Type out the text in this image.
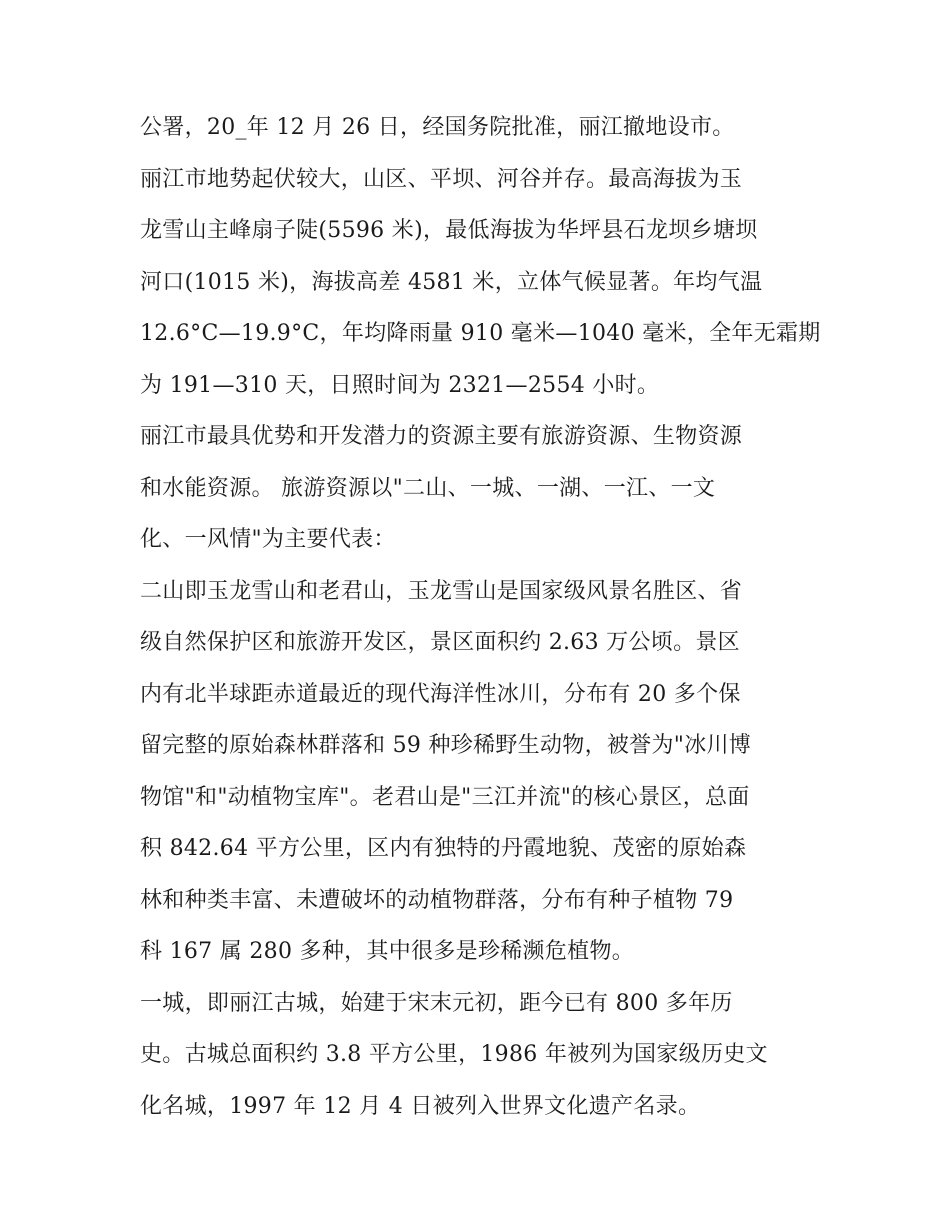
公署，20_年 12 月 26 日，经国务院批准，丽江撤地设市。
丽江市地势起伏较大，山区、平坝、河谷并存。最高海拔为玉
龙雪山主峰扇子陡(5596 米)，最低海拔为华坪县石龙坝乡塘坝
河口(1015 米)，海拔高差 4581 米，立体气候显著。年均气温
12.6°C—19.9°C，年均降雨量 910 毫米—1040 毫米，全年无霜期
为 191—310 天，日照时间为 2321—2554 小时。
丽江市最具优势和开发潜力的资源主要有旅游资源、生物资源
和水能资源。 旅游资源以"二山、一城、一湖、一江、一文
化、一风情"为主要代表：
二山即玉龙雪山和老君山，玉龙雪山是国家级风景名胜区、省
级自然保护区和旅游开发区，景区面积约 2.63 万公顷。景区
内有北半球距赤道最近的现代海洋性冰川，分布有 20 多个保
留完整的原始森林群落和 59 种珍稀野生动物，被誉为"冰川博
物馆"和"动植物宝库"。老君山是"三江并流"的核心景区，总面
积 842.64 平方公里，区内有独特的丹霞地貌、茂密的原始森
林和种类丰富、未遭破坏的动植物群落，分布有种子植物 79
科 167 属 280 多种，其中很多是珍稀濒危植物。
一城，即丽江古城，始建于宋末元初，距今已有 800 多年历
史。古城总面积约 3.8 平方公里，1986 年被列为国家级历史文
化名城，1997 年 12 月 4 日被列入世界文化遗产名录。
